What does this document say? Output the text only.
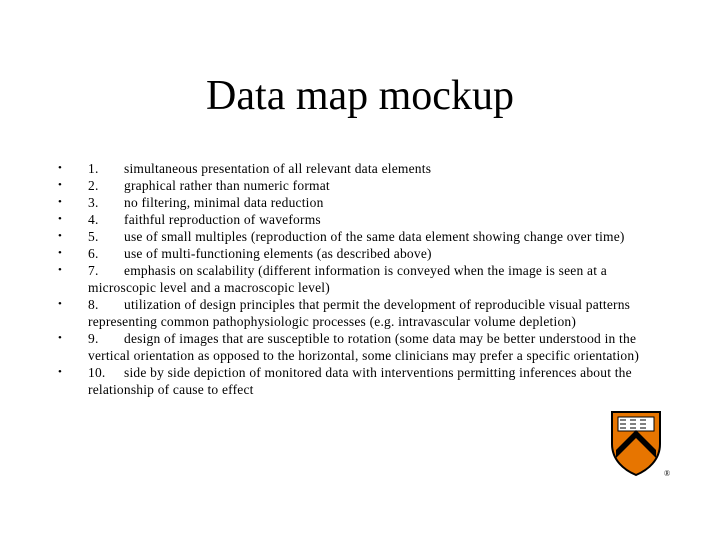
Data map mockup
•	1. simultaneous presentation of all relevant data elements
•	2. graphical rather than numeric format
•	3. no filtering, minimal data reduction
•	4. faithful reproduction of waveforms
•	5. use of small multiples (reproduction of the same data element showing change over time)
•	6. use of multi-functioning elements (as described above)
•	7. emphasis on scalability (different information is conveyed when the image is seen at a microscopic level and a macroscopic level)
•	8. utilization of design principles that permit the development of reproducible visual patterns representing common pathophysiologic processes (e.g. intravascular volume depletion)
•	9. design of images that are susceptible to rotation (some data may be better understood in the vertical orientation as opposed to the horizontal, some clinicians may prefer a specific orientation)
•	10. side by side depiction of monitored data with interventions permitting inferences about the relationship of cause to effect
®
